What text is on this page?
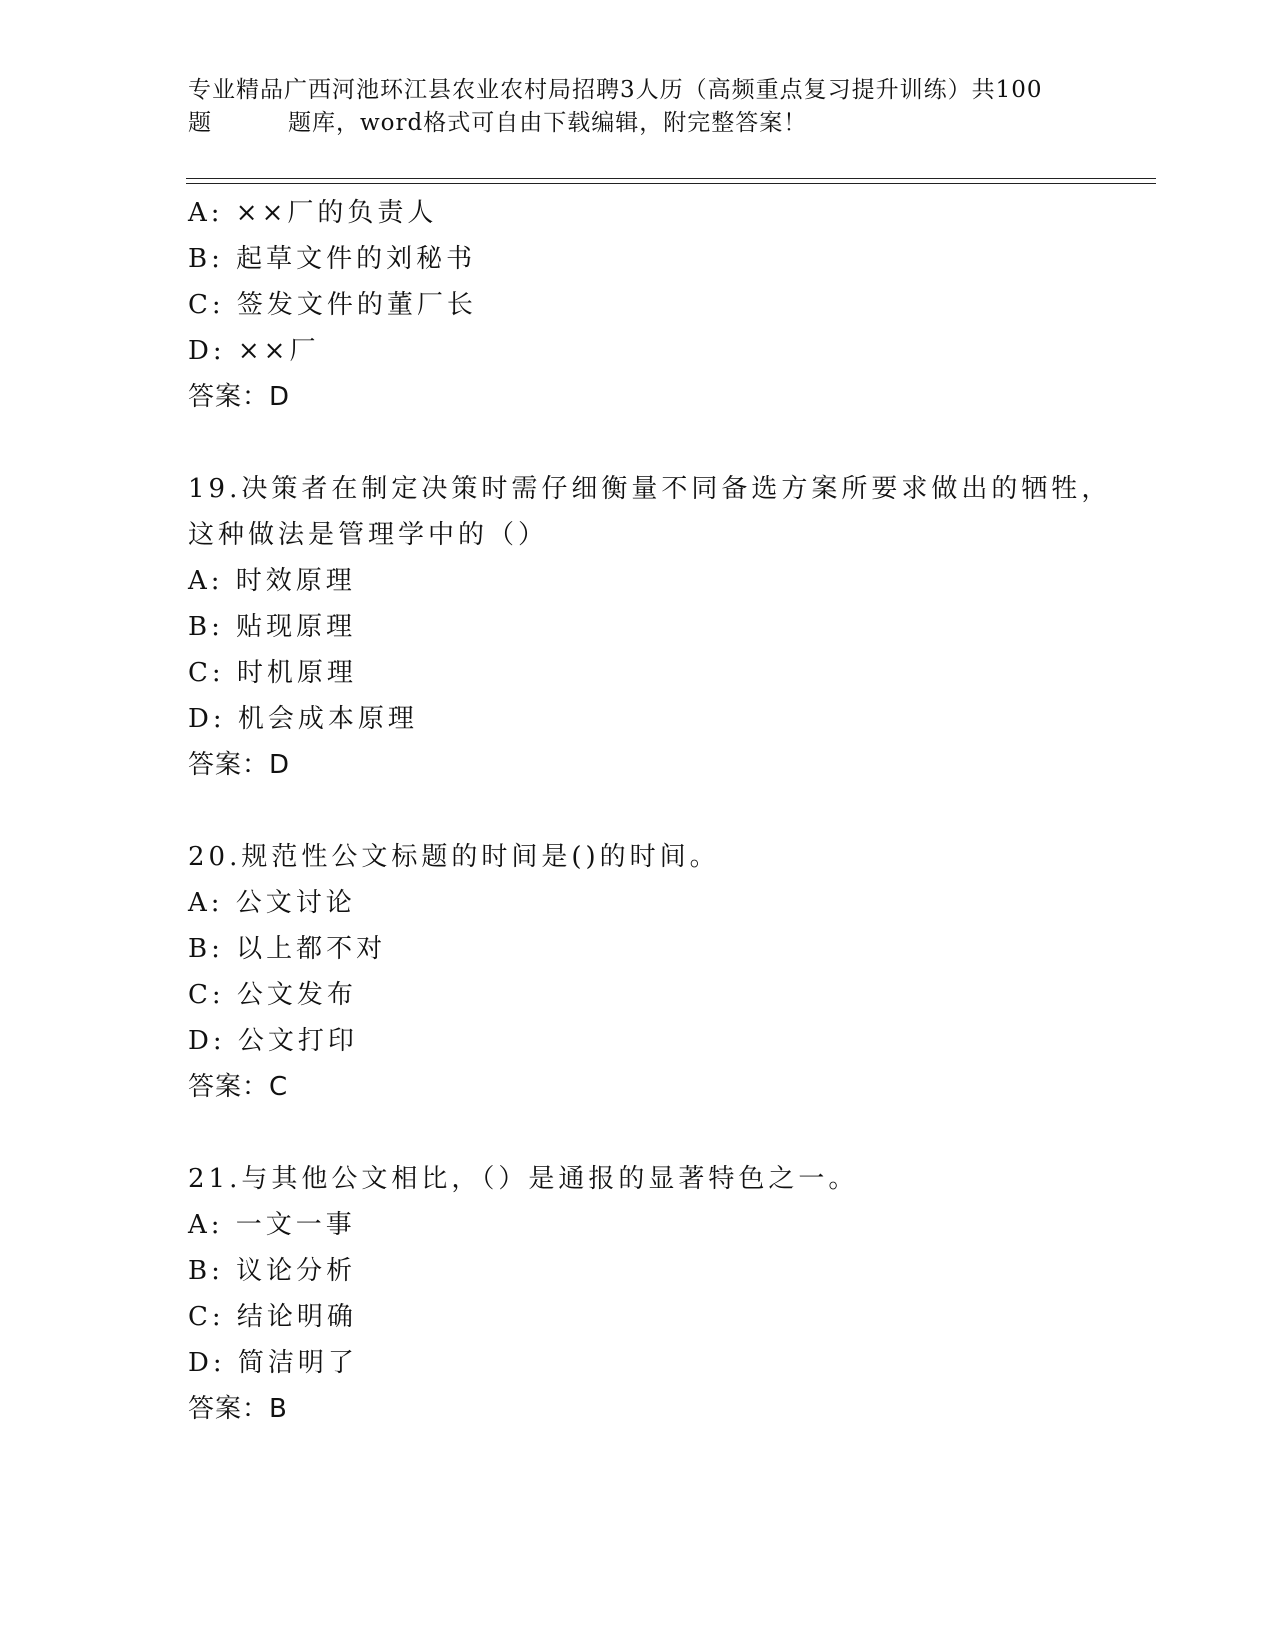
专业精品广西河池环江县农业农村局招聘3人历（高频重点复习提升训练）共100
题	题库，word格式可自由下载编辑，附完整答案！
A: ××厂的负责人
B: 起草文件的刘秘书
C: 签发文件的董厂长
D: ××厂
答案：D
19.决策者在制定决策时需仔细衡量不同备选方案所要求做出的牺牲，
这种做法是管理学中的（）
A: 时效原理
B: 贴现原理
C: 时机原理
D: 机会成本原理
答案：D
20.规范性公文标题的时间是()的时间。
A: 公文讨论
B: 以上都不对
C: 公文发布
D: 公文打印
答案：C
21.与其他公文相比，（）是通报的显著特色之一。
A: 一文一事
B: 议论分析
C: 结论明确
D: 简洁明了
答案：B
